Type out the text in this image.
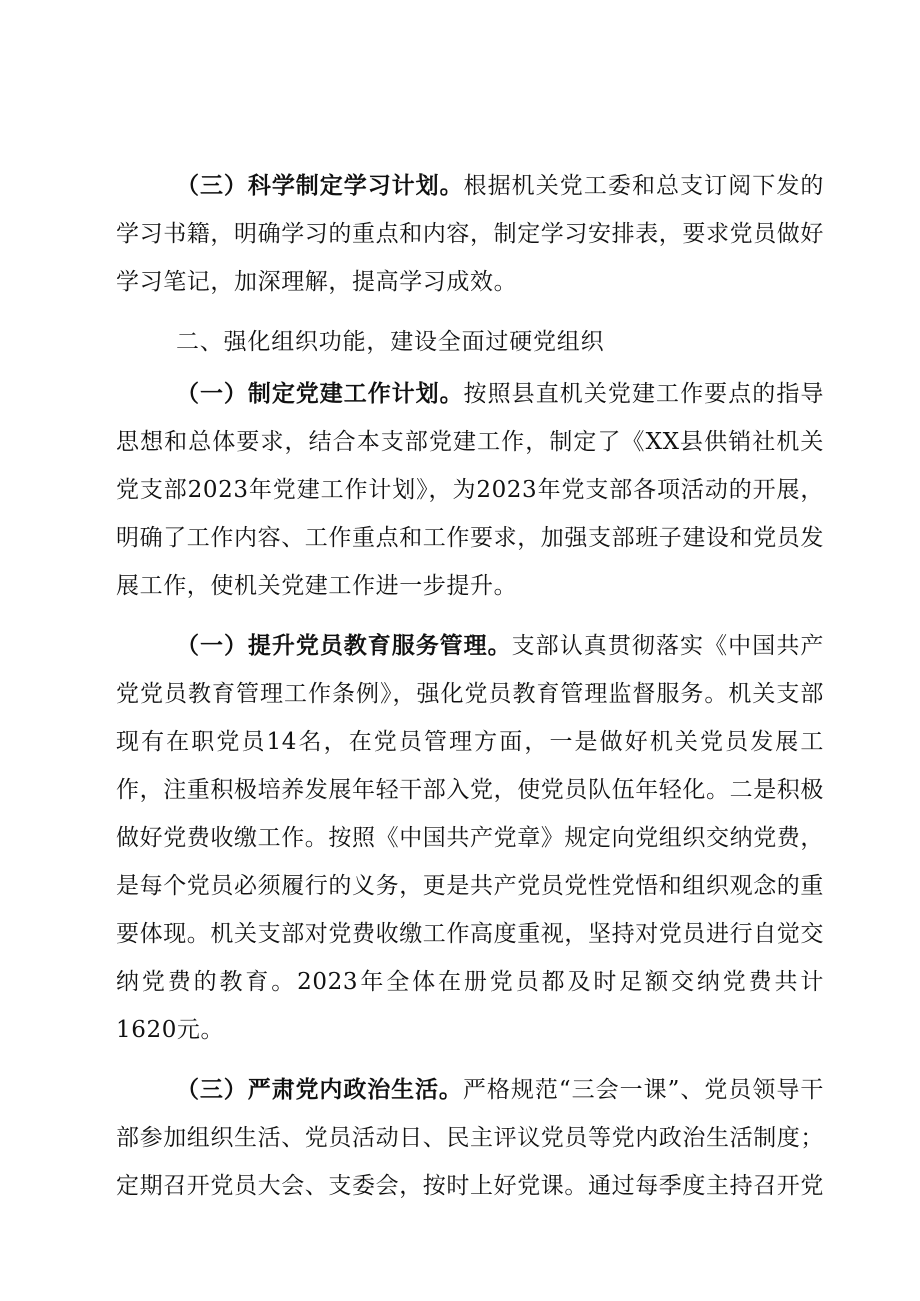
（三）科学制定学习计划。根据机关党工委和总支订阅下发的学习书籍，明确学习的重点和内容，制定学习安排表，要求党员做好学习笔记，加深理解，提高学习成效。

二、强化组织功能，建设全面过硬党组织

（一）制定党建工作计划。按照县直机关党建工作要点的指导思想和总体要求，结合本支部党建工作，制定了《XX县供销社机关党支部2023年党建工作计划》，为2023年党支部各项活动的开展，明确了工作内容、工作重点和工作要求，加强支部班子建设和党员发展工作，使机关党建工作进一步提升。

（一）提升党员教育服务管理。支部认真贯彻落实《中国共产党党员教育管理工作条例》，强化党员教育管理监督服务。机关支部现有在职党员14名，在党员管理方面，一是做好机关党员发展工作，注重积极培养发展年轻干部入党，使党员队伍年轻化。二是积极做好党费收缴工作。按照《中国共产党章》规定向党组织交纳党费，是每个党员必须履行的义务，更是共产党员党性党悟和组织观念的重要体现。机关支部对党费收缴工作高度重视，坚持对党员进行自觉交纳党费的教育。2023年全体在册党员都及时足额交纳党费共计1620元。

（三）严肃党内政治生活。严格规范“三会一课”、党员领导干部参加组织生活、党员活动日、民主评议党员等党内政治生活制度；定期召开党员大会、支委会，按时上好党课。通过每季度主持召开党
